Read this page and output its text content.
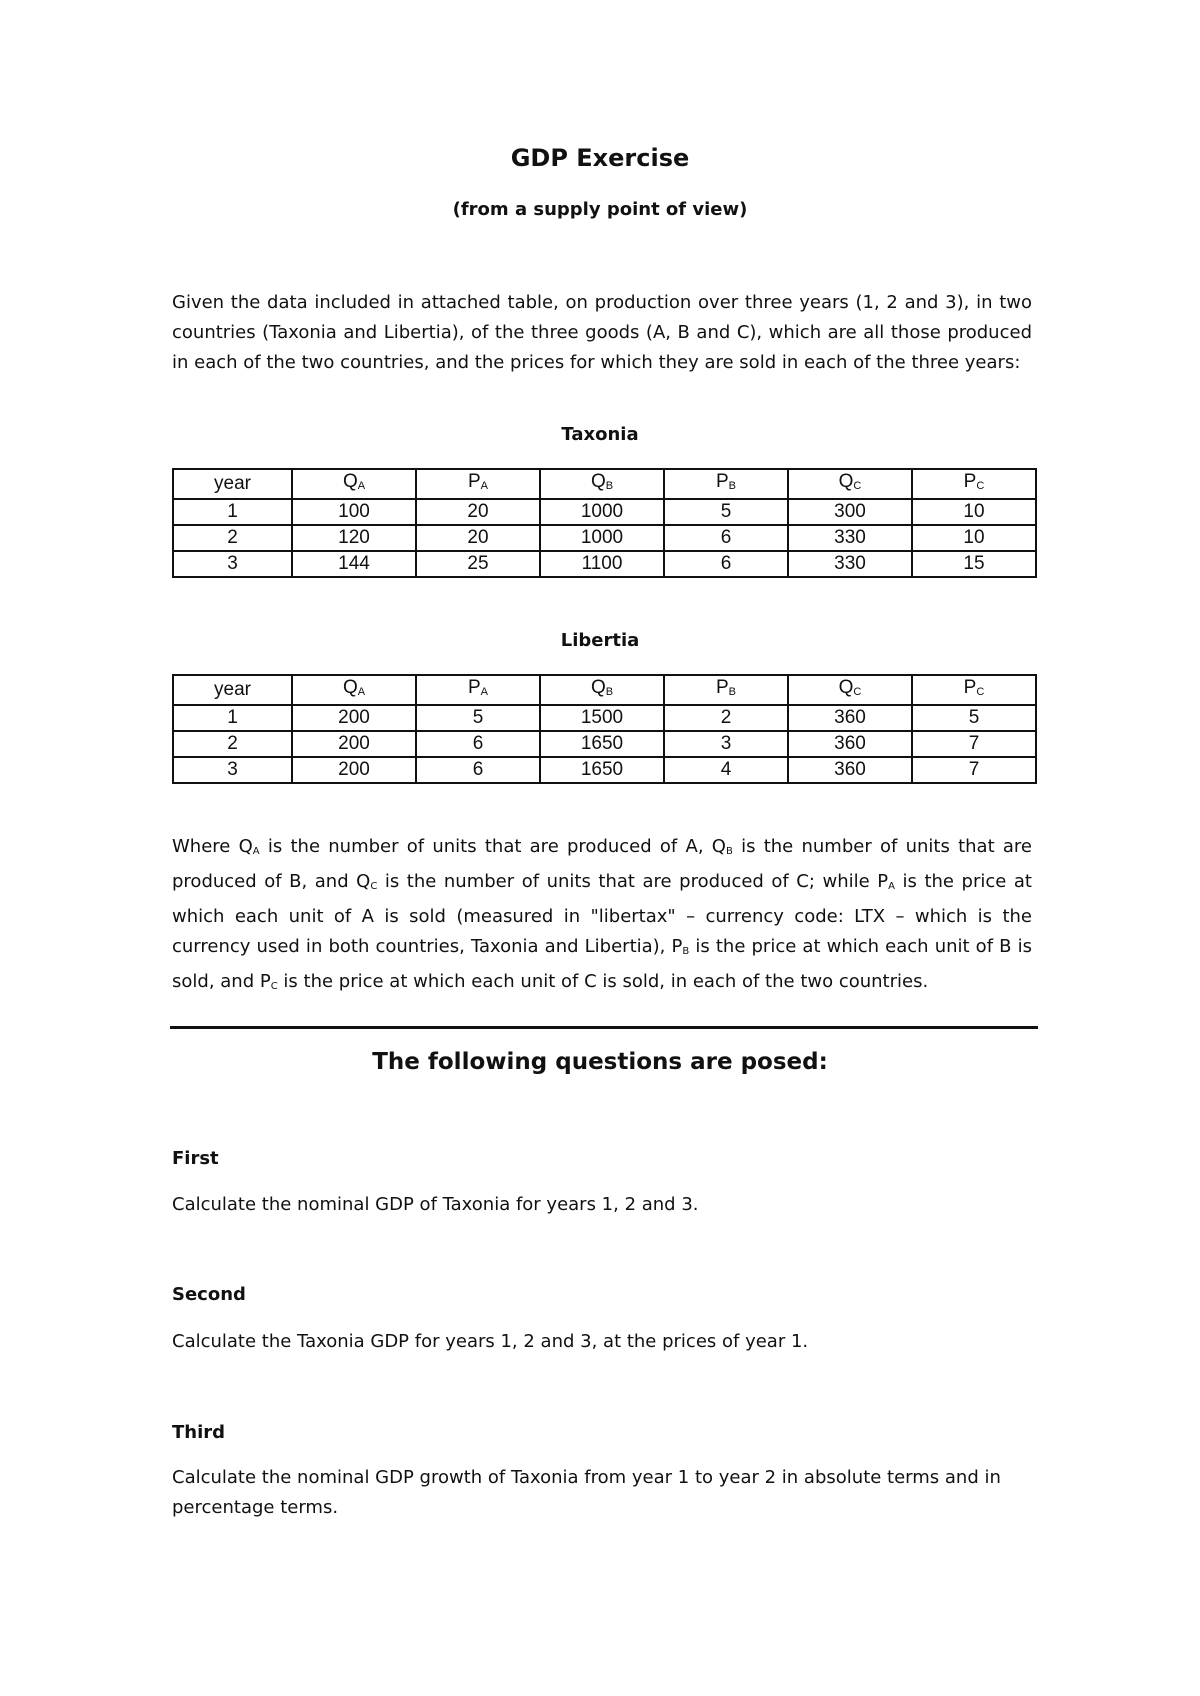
GDP Exercise

(from a supply point of view)

Given the data included in attached table, on production over three years (1, 2 and 3), in two countries (Taxonia and Libertia), of the three goods (A, B and C), which are all those produced in each of the two countries, and the prices for which they are sold in each of the three years:

Taxonia

year	QA	PA	QB	PB	QC	PC
1	100	20	1000	5	300	10
2	120	20	1000	6	330	10
3	144	25	1100	6	330	15

Libertia

year	QA	PA	QB	PB	QC	PC
1	200	5	1500	2	360	5
2	200	6	1650	3	360	7
3	200	6	1650	4	360	7

Where $Q_A$ is the number of units that are produced of A, $Q_B$ is the number of units that are produced of B, and $Q_C$ is the number of units that are produced of C; while $P_A$ is the price at which each unit of A is sold (measured in "libertax" – currency code: LTX – which is the currency used in both countries, Taxonia and Libertia), $P_B$ is the price at which each unit of B is sold, and $P_C$ is the price at which each unit of C is sold, in each of the two countries.

The following questions are posed:

First

Calculate the nominal GDP of Taxonia for years 1, 2 and 3.

Second

Calculate the Taxonia GDP for years 1, 2 and 3, at the prices of year 1.

Third

Calculate the nominal GDP growth of Taxonia from year 1 to year 2 in absolute terms and in percentage terms.
